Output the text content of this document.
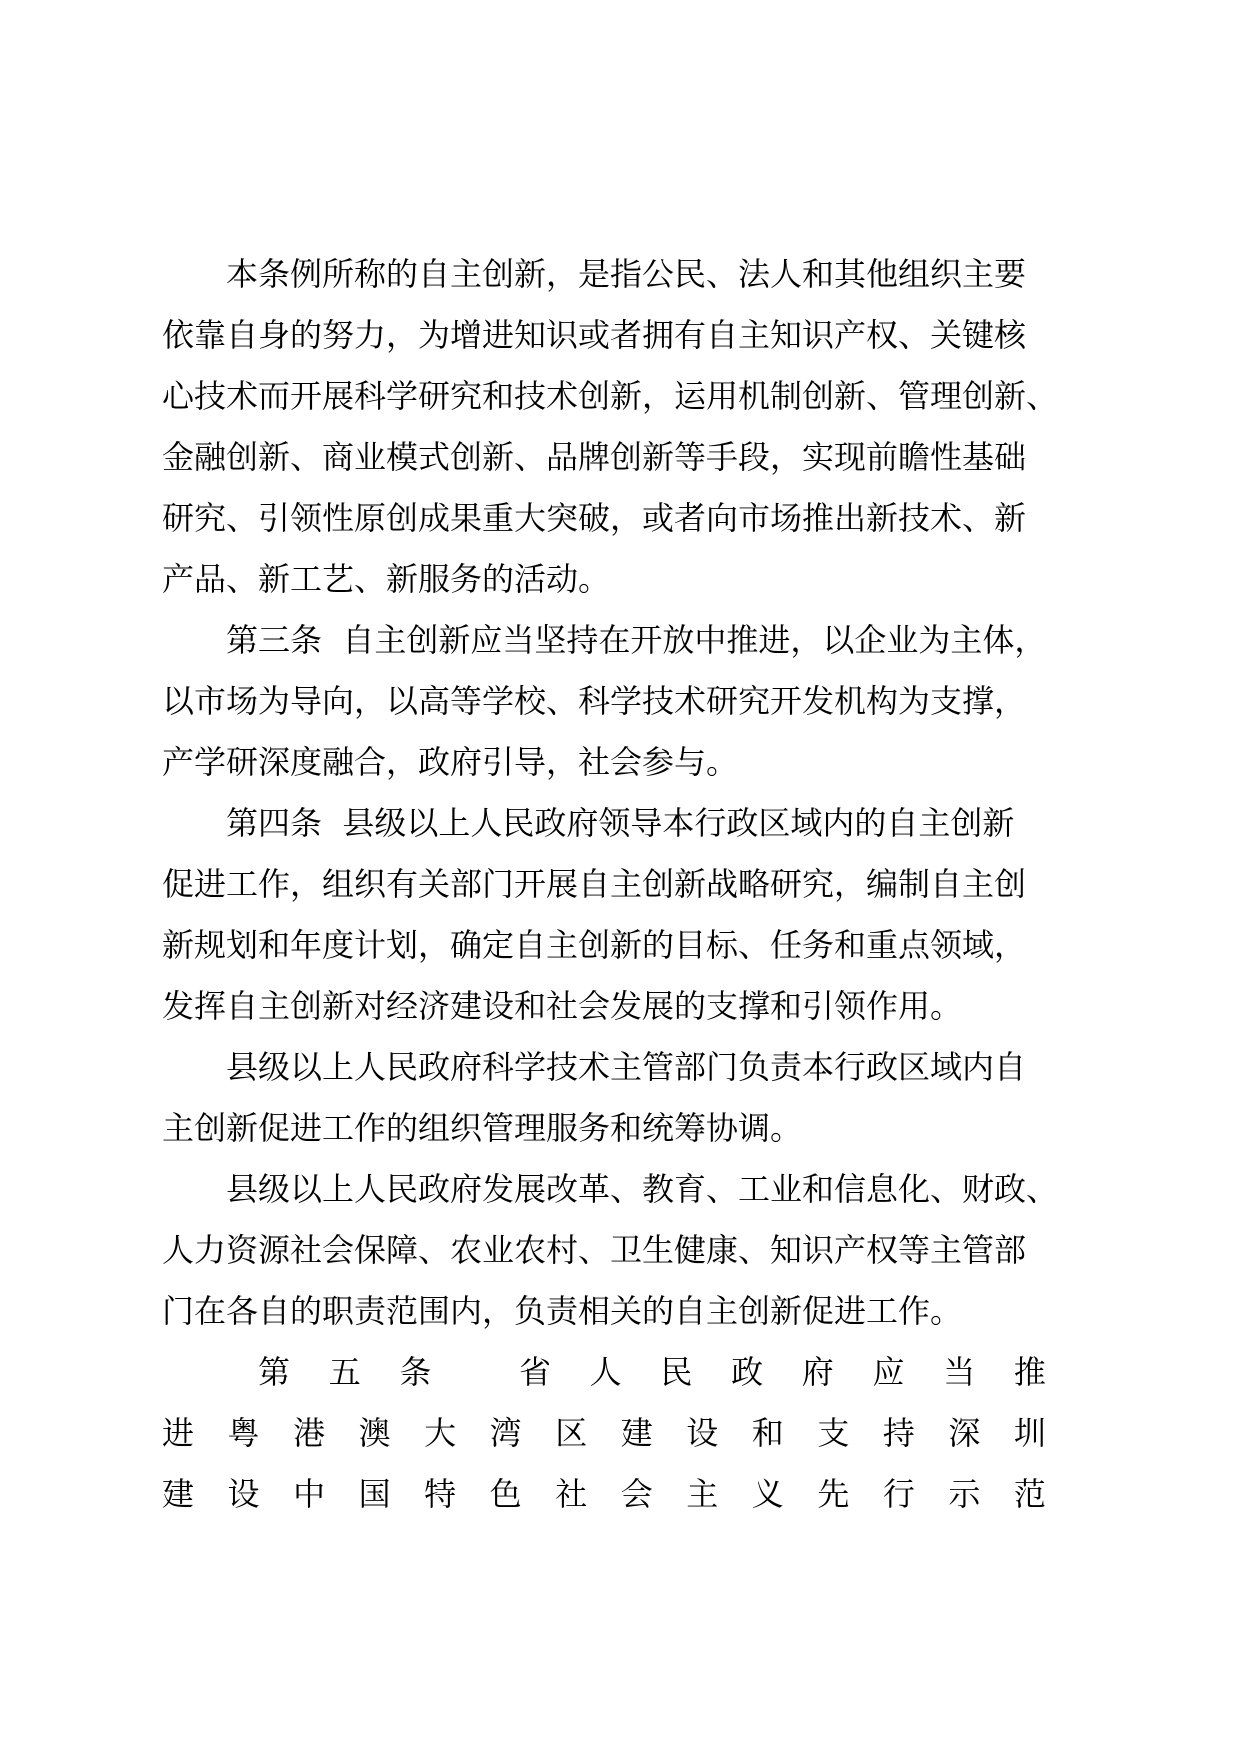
本条例所称的自主创新，是指公民、法人和其他组织主要
依靠自身的努力，为增进知识或者拥有自主知识产权、关键核
心技术而开展科学研究和技术创新，运用机制创新、管理创新、
金融创新、商业模式创新、品牌创新等手段，实现前瞻性基础
研究、引领性原创成果重大突破，或者向市场推出新技术、新
产品、新工艺、新服务的活动。
第三条  自主创新应当坚持在开放中推进，以企业为主体，
以市场为导向，以高等学校、科学技术研究开发机构为支撑，
产学研深度融合，政府引导，社会参与。
第四条  县级以上人民政府领导本行政区域内的自主创新
促进工作，组织有关部门开展自主创新战略研究，编制自主创
新规划和年度计划，确定自主创新的目标、任务和重点领域，
发挥自主创新对经济建设和社会发展的支撑和引领作用。
县级以上人民政府科学技术主管部门负责本行政区域内自
主创新促进工作的组织管理服务和统筹协调。
县级以上人民政府发展改革、教育、工业和信息化、财政、
人力资源社会保障、农业农村、卫生健康、知识产权等主管部
门在各自的职责范围内，负责相关的自主创新促进工作。
第 五 条
	省 人 民 政 府 应 当 推
进 粤 港 澳 大 湾 区 建 设 和 支 持 深 圳
建 设 中 国 特 色 社 会 主 义 先 行 示 范
